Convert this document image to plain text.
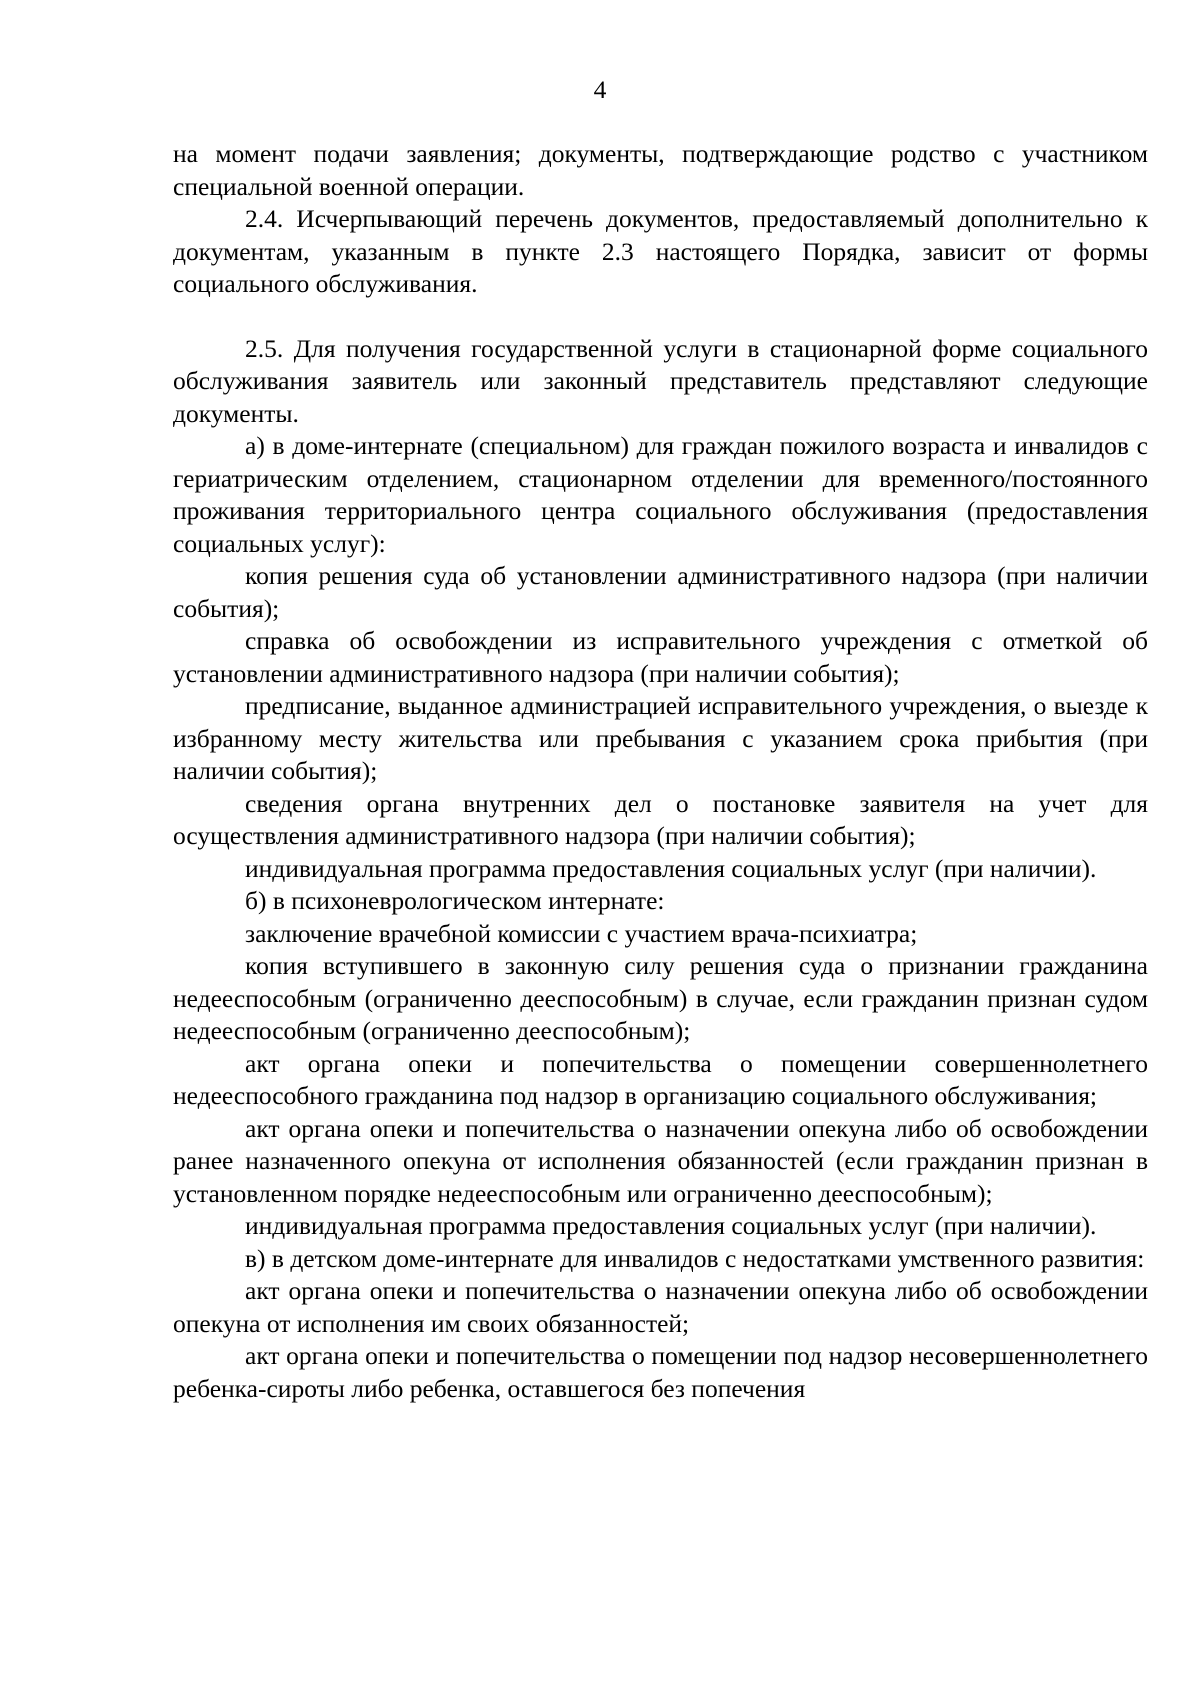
4

на момент подачи заявления; документы, подтверждающие родство с участником специальной военной операции.

2.4. Исчерпывающий перечень документов, предоставляемый дополнительно к документам, указанным в пункте 2.3 настоящего Порядка, зависит от формы социального обслуживания.

2.5. Для получения государственной услуги в стационарной форме социального обслуживания заявитель или законный представитель представляют следующие документы.

а) в доме-интернате (специальном) для граждан пожилого возраста и инвалидов с гериатрическим отделением, стационарном отделении для временного/постоянного проживания территориального центра социального обслуживания (предоставления социальных услуг):

копия решения суда об установлении административного надзора (при наличии события);

справка об освобождении из исправительного учреждения с отметкой об установлении административного надзора (при наличии события);

предписание, выданное администрацией исправительного учреждения, о выезде к избранному месту жительства или пребывания с указанием срока прибытия (при наличии события);

сведения органа внутренних дел о постановке заявителя на учет для осуществления административного надзора (при наличии события);

индивидуальная программа предоставления социальных услуг (при наличии).

б) в психоневрологическом интернате:

заключение врачебной комиссии с участием врача-психиатра;

копия вступившего в законную силу решения суда о признании гражданина недееспособным (ограниченно дееспособным) в случае, если гражданин признан судом недееспособным (ограниченно дееспособным);

акт органа опеки и попечительства о помещении совершеннолетнего недееспособного гражданина под надзор в организацию социального обслуживания;

акт органа опеки и попечительства о назначении опекуна либо об освобождении ранее назначенного опекуна от исполнения обязанностей (если гражданин признан в установленном порядке недееспособным или ограниченно дееспособным);

индивидуальная программа предоставления социальных услуг (при наличии).

в) в детском доме-интернате для инвалидов с недостатками умственного развития:

акт органа опеки и попечительства о назначении опекуна либо об освобождении опекуна от исполнения им своих обязанностей;

акт органа опеки и попечительства о помещении под надзор несовершеннолетнего ребенка-сироты либо ребенка, оставшегося без попечения
